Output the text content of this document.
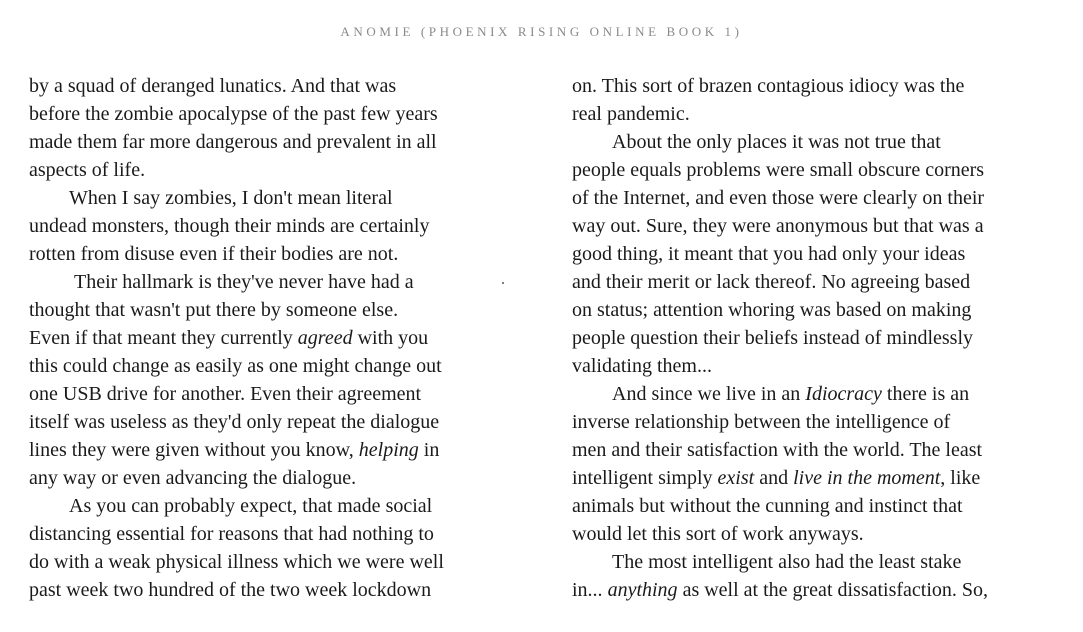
ANOMIE (PHOENIX RISING ONLINE BOOK 1)
by a squad of deranged lunatics. And that was
before the zombie apocalypse of the past few years
made them far more dangerous and prevalent in all
aspects of life.
When I say zombies, I don't mean literal
undead monsters, though their minds are certainly
rotten from disuse even if their bodies are not.
Their hallmark is they've never have had a
thought that wasn't put there by someone else.
Even if that meant they currently agreed with you
this could change as easily as one might change out
one USB drive for another. Even their agreement
itself was useless as they'd only repeat the dialogue
lines they were given without you know, helping in
any way or even advancing the dialogue.
As you can probably expect, that made social
distancing essential for reasons that had nothing to
do with a weak physical illness which we were well
past week two hundred of the two week lockdown
on. This sort of brazen contagious idiocy was the
real pandemic.
About the only places it was not true that
people equals problems were small obscure corners
of the Internet, and even those were clearly on their
way out. Sure, they were anonymous but that was a
good thing, it meant that you had only your ideas
and their merit or lack thereof. No agreeing based
on status; attention whoring was based on making
people question their beliefs instead of mindlessly
validating them...
And since we live in an Idiocracy there is an
inverse relationship between the intelligence of
men and their satisfaction with the world. The least
intelligent simply exist and live in the moment, like
animals but without the cunning and instinct that
would let this sort of work anyways.
The most intelligent also had the least stake
in... anything as well at the great dissatisfaction. So,
